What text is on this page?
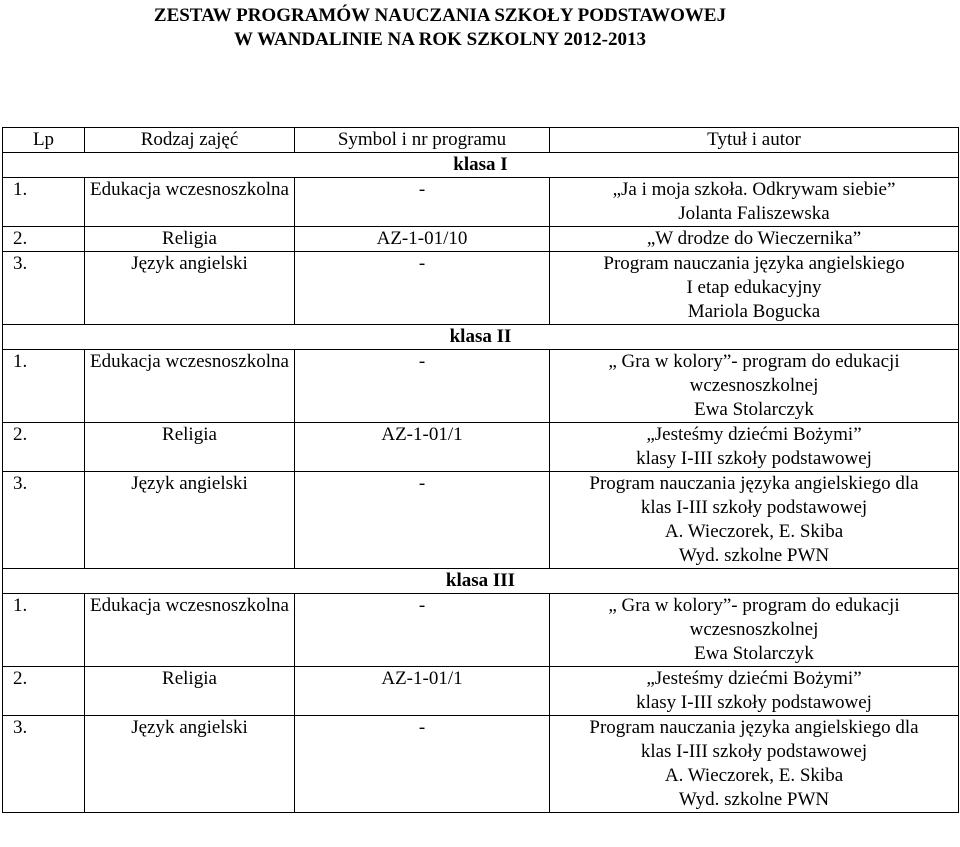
ZESTAW PROGRAMÓW NAUCZANIA SZKOŁY PODSTAWOWEJ
W WANDALINIE NA ROK SZKOLNY 2012-2013
Lp	Rodzaj zajęć	Symbol i nr programu	Tytuł i autor
klasa I			
1.	Edukacja wczesnoszkolna	-	„Ja i moja szkoła. Odkrywam siebie”
Jolanta Faliszewska

2.	Religia	AZ-1-01/10	„W drodze do Wieczernika”

3.	Język angielski	-	Program nauczania języka angielskiego
I etap edukacyjny
Mariola Bogucka

klasa II			
1.	Edukacja wczesnoszkolna	-	„ Gra w kolory”- program do edukacji
wczesnoszkolnej
Ewa Stolarczyk

2.	Religia	AZ-1-01/1	„Jesteśmy dziećmi Bożymi”
klasy I-III szkoły podstawowej

3.	Język angielski	-	Program nauczania języka angielskiego dla
klas I-III szkoły podstawowej
A. Wieczorek, E. Skiba
Wyd. szkolne PWN

klasa III			
1.	Edukacja wczesnoszkolna	-	„ Gra w kolory”- program do edukacji
wczesnoszkolnej
Ewa Stolarczyk

2.	Religia	AZ-1-01/1	„Jesteśmy dziećmi Bożymi”
klasy I-III szkoły podstawowej

3.	Język angielski	-	Program nauczania języka angielskiego dla
klas I-III szkoły podstawowej
A. Wieczorek, E. Skiba
Wyd. szkolne PWN
